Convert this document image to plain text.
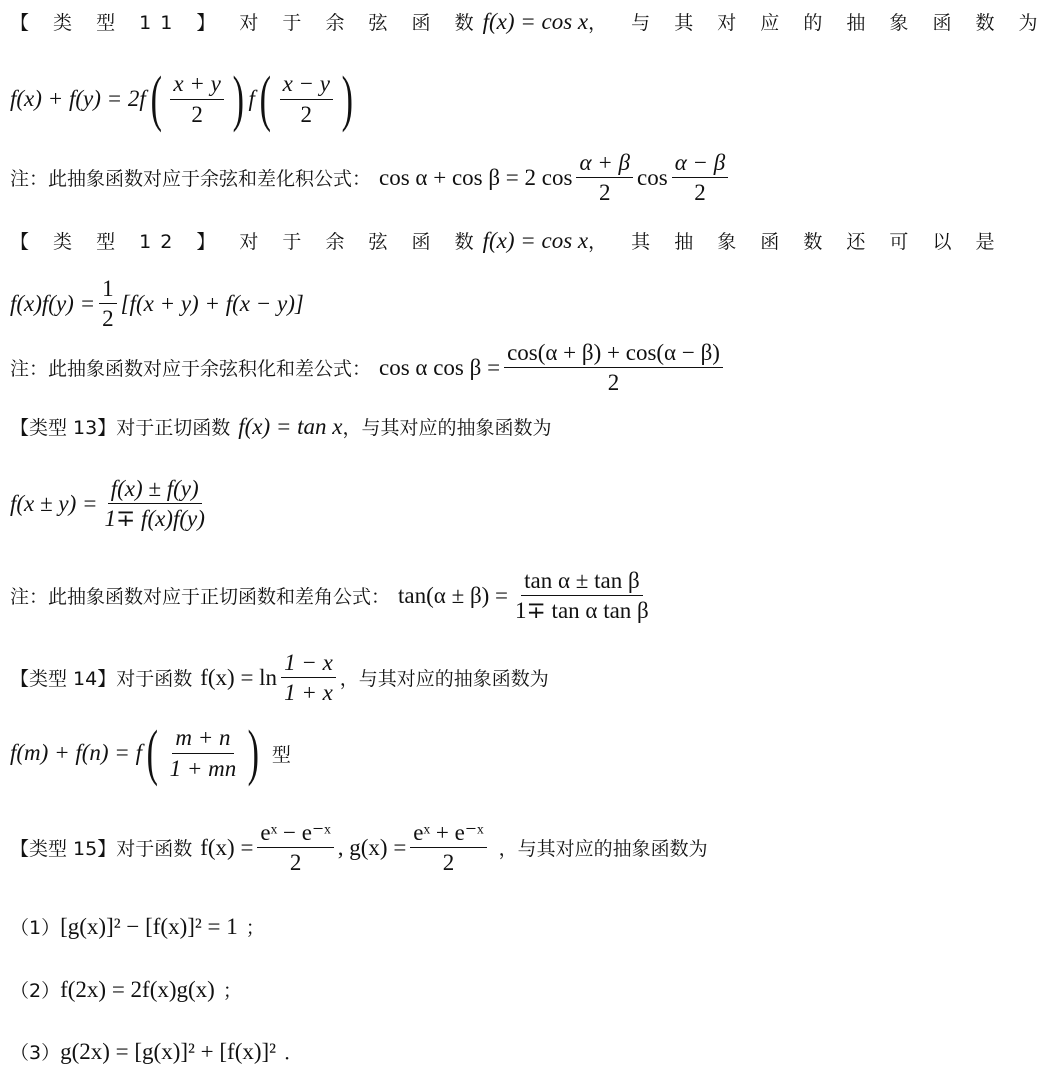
【 类 型 11 】 对 于 余 弦 函 数 f(x) = cos x ， 与 其 对 应 的 抽 象 函 数 为
f(x) + f(y) = 2f ( $\frac{x + y}{2}$ ) f ( $\frac{x - y}{2}$ )
注：此抽象函数对应于余弦和差化积公式： cos α + cos β = 2 $\cos \frac{\alpha + \beta}{2}$ $\cos \frac{\alpha - \beta}{2}$
【 类 型 12 】 对 于 余 弦 函 数 f(x) = cos x ， 其 抽 象 函 数 还 可 以 是
$f(x)f(y) = \frac{1}{2} [f(x + y) + f(x - y)]$
注：此抽象函数对应于余弦积化和差公式： cos α $\cos \beta = \frac{\cos(\alpha + \beta) + \cos(\alpha - \beta)}{2}$
【类型 13】对于正切函数 f(x) = tan x ，与其对应的抽象函数为
$f(x \pm y) = \frac{f(x) \pm f(y)}{1\mp f(x)f(y)}$
注：此抽象函数对应于正切函数和差角公式： $\tan(\alpha \pm \beta) = \frac{\text{tan α ± tan β}}{\text{1∓ tan α tan β}}$
【类型 14】对于函数 $f(x) = \ln \frac{1 - x}{1 + x}$ ，与其对应的抽象函数为
f(m) + f(n) = f ( $\frac{m + n}{1 + mn}$ ) 型
【类型 15】对于函数 $f(x) = \frac{\text{eˣ − e⁻ˣ}}{2}$ , $g(x) = \frac{\text{eˣ + e⁻ˣ}}{2}$ ，与其对应的抽象函数为
（1） [g(x)]² − [f(x)]² = 1 ；
（2） f(2x) = 2f(x)g(x) ；
（3） g(2x) = [g(x)]² + [f(x)]² ．
